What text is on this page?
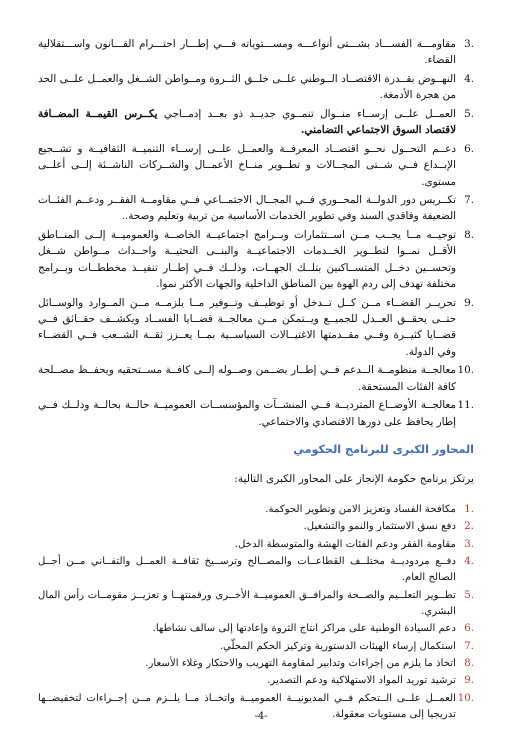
3.
مقاومـــة الفســـاد بشـــتى أنواعـــه ومســـتوياته فـــي إطـــار احتـــرام القـــانون واســـتقلالية القضاء.
4.
النهــوض بقــدرة الاقتصــاد الــوطني علــى خلــق الثــروة ومــواطن الشــغل والعمــل علــى الحد من هجرة الأدمغة.
5.
العمــل علــى إرســاء منــوال تنمــوي جديــد ذو بعــد إدمــاجي يكــرس القيمــة المضــافة لاقتصاد السوق الاجتماعي التضامني.
6.
دعــم التحــول نحــو اقتصــاد المعرفــة والعمــل علــى إرســاء التنميــة الثقافيــة و تشــجيع الإبــداع فــي شــتى المجــالات و تطــوير منــاخ الأعمــال والشــركات الناشــئة إلــى أعلــى مستوى.
7.
تكــريس دور الدولــة المحــوري فــي المجــال الاجتمــاعي فــي مقاومــة الفقــر ودعــم الفئــات الضعيفة وفاقدي السند وفي تطوير الخدمات الأساسية من تربية وتعليم وصحة..
8.
توجيــه مــا يجــب مــن اســتثمارات وبــرامج اجتماعيــة الخاصــة والعموميــة إلــى المنــاطق الأقــل نمــوا لتطــوير الخــدمات الاجتماعيــة والبنــى التحتيــة واحــداث مــواطن شــغل وتحســين دخــل المتســاكنين بتلــك الجهــات، وذلــك فــي إطــار تنفيــذ مخططــات وبــرامج مختلفة تهدف إلى ردم الهوة بين المناطق الداخلية والجهات الأكثر نموا.
9.
تحريــر القضــاء مــن كــل تــدخل أو توظيــف وتــوفير مــا يلزمــه مــن المــوارد والوســائل حتــى يحقــق العــدل للجميــع ويــتمكن مــن معالجــة قضــايا الفســاد ويكشــف حقــائق فــي قضــايا كثيــرة وفــي مقــدمتها الاغتيــالات السياســية بمــا يعــزز ثقــة الشــعب فــي القضــاء وفي الدولة.
10.
معالجــة منظومــة الــدعم فــي إطــار يضــمن وصــوله إلــى كافــة مســتحقيه ويحفــظ مصــلحة كافة الفئات المستحقة.
11.
معالجــة الأوضــاع المترديــة فــي المنشــآت والمؤسســات العموميــة حالــة بحالــة وذلــك فــي إطار يحافظ على دورها الاقتصادي والاجتماعي.
المحاور الكبرى للبرنامج الحكومي
يرتكز برنامج حكومة الإنجاز على المحاور الكبرى التالية:
1.
مكافحة الفساد وتعزيز الامن وتطوير الحوكمة.
2.
دفع نسق الاستثمار والنمو والتشغيل.
3.
مقاومة الفقر ودعم الفئات الهشة والمتوسطة الدخل.
4.
دفــع مردوديــة مختلــف القطاعــات والمصــالح وترســيخ ثقافــة العمــل والتفــاني مــن أجــل الصالح العام.
5.
تطــوير التعلــيم والصــحة والمرافــق العموميــة الأخــرى ورقمنتهــا و تعزيــز مقومــات رأس المال البشري.
6.
دعم السيادة الوطنية على مراكز انتاج الثروة وإعادتها إلى سالف نشاطها.
7.
استكمال إرساء الهيئات الدستورية وتركيز الحكم المحلّي.
8.
اتخاذ ما يلزم من إجراءات وتدابير لمقاومة التهريب والاحتكار وغلاء الأسعار.
9.
ترشيد توريد المواد الاستهلاكية ودعم التصدير.
10.
العمــل علــى الــتحكم فــي المديونيــة العموميــة واتخــاذ مــا يلــزم مــن إجــراءات لتخفيضــها تدريجيا إلى مستويات معقولة.
-4-
